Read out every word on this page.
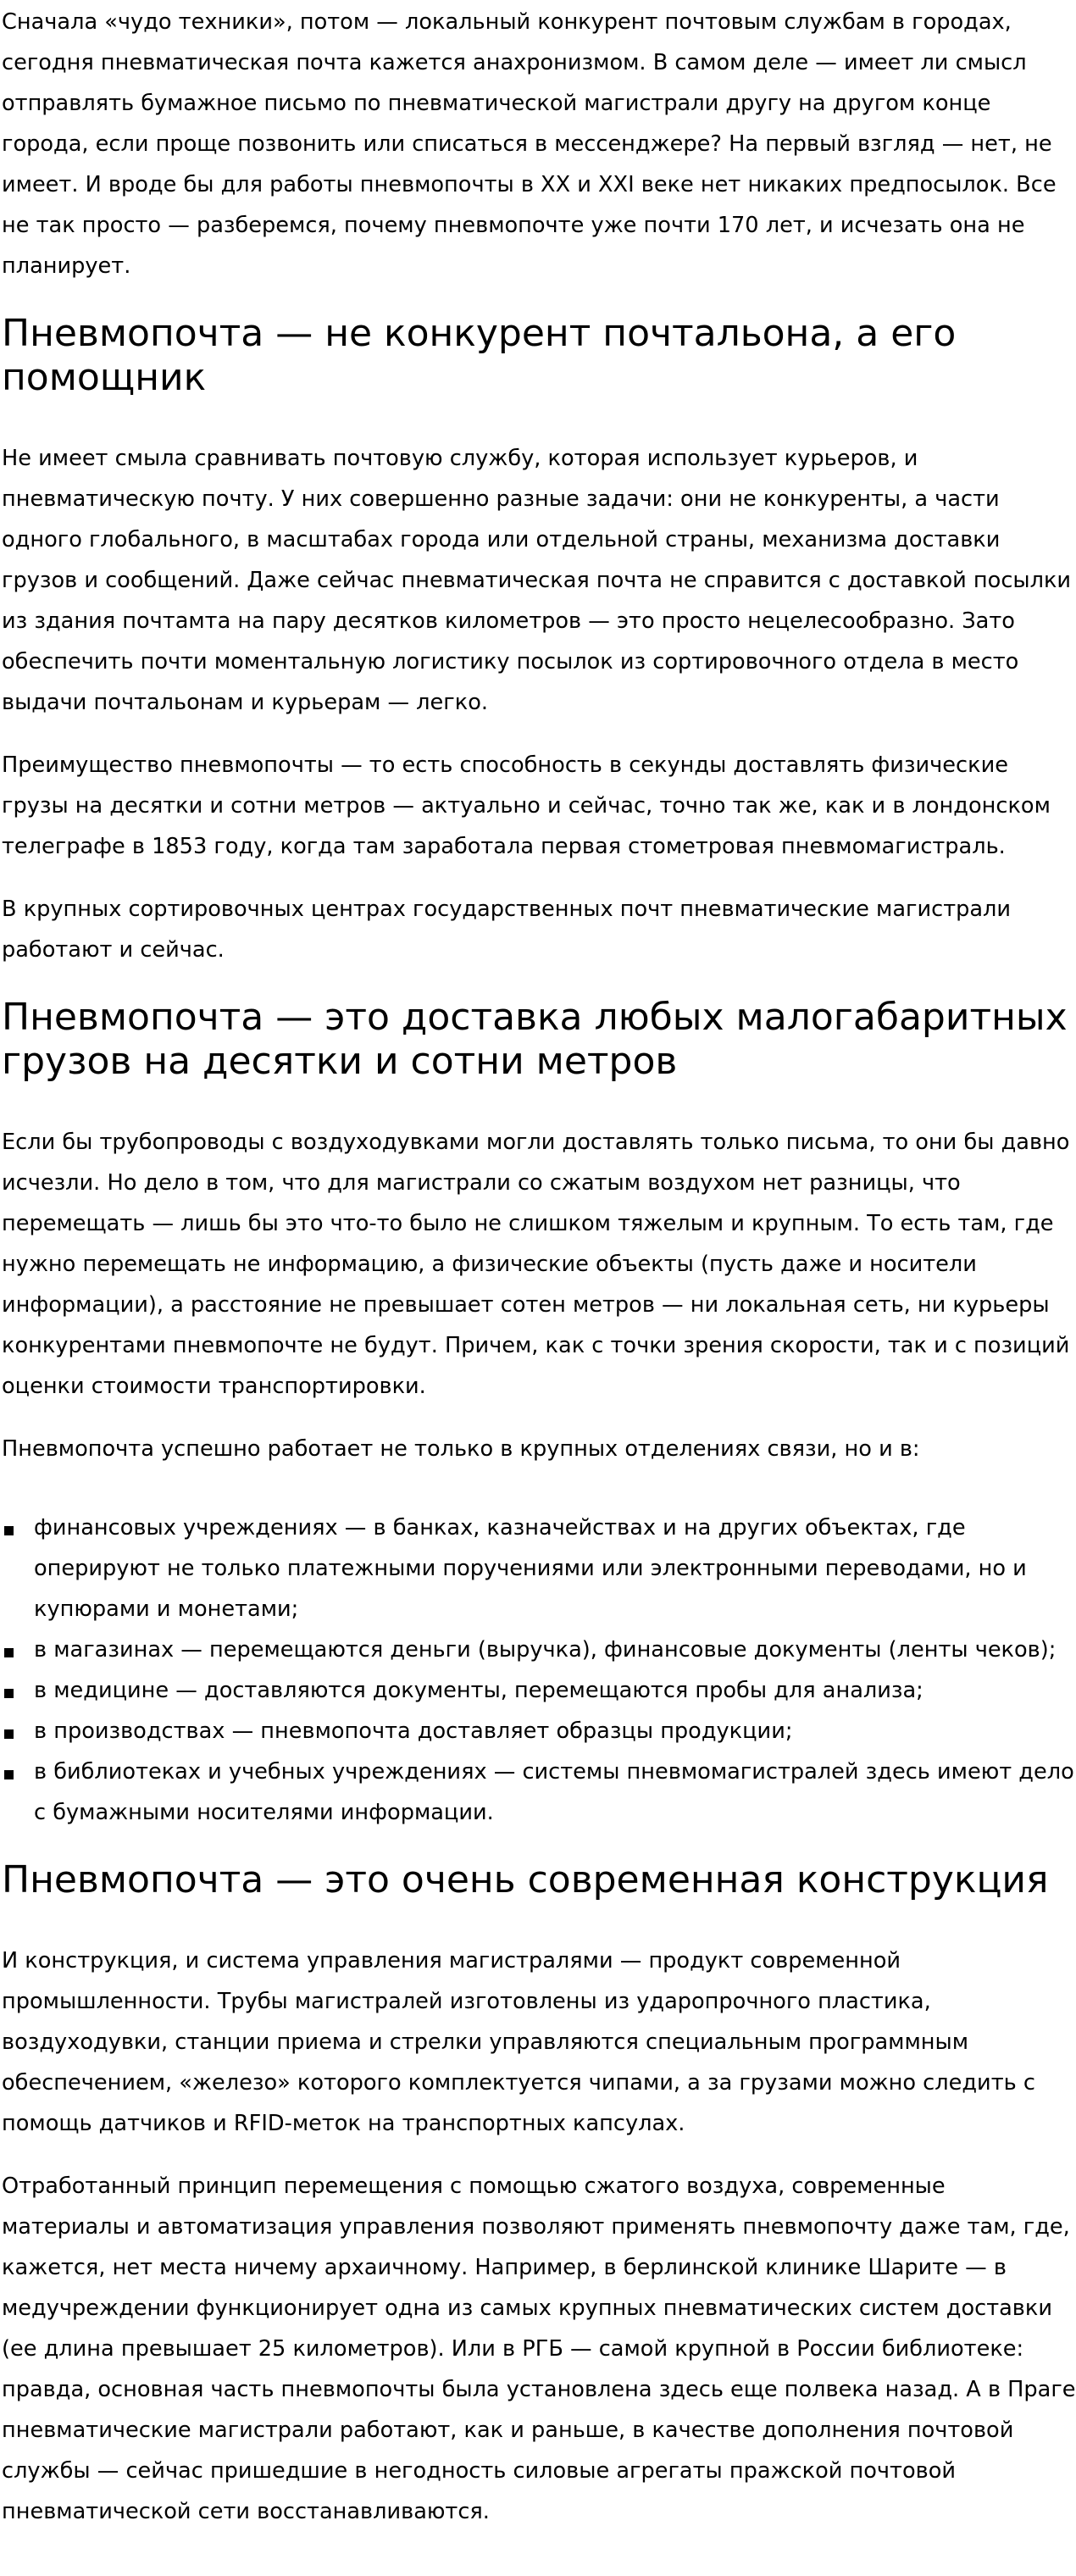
Сначала «чудо техники», потом — локальный конкурент почтовым службам в городах, сегодня пневматическая почта кажется анахронизмом. В самом деле — имеет ли смысл отправлять бумажное письмо по пневматической магистрали другу на другом конце города, если проще позвонить или списаться в мессенджере? На первый взгляд — нет, не имеет. И вроде бы для работы пневмопочты в XX и XXI веке нет никаких предпосылок. Все не так просто — разберемся, почему пневмопочте уже почти 170 лет, и исчезать она не планирует.

Пневмопочта — не конкурент почтальона, а его помощник

Не имеет смыла сравнивать почтовую службу, которая использует курьеров, и пневматическую почту. У них совершенно разные задачи: они не конкуренты, а части одного глобального, в масштабах города или отдельной страны, механизма доставки грузов и сообщений. Даже сейчас пневматическая почта не справится с доставкой посылки из здания почтамта на пару десятков километров — это просто нецелесообразно. Зато обеспечить почти моментальную логистику посылок из сортировочного отдела в место выдачи почтальонам и курьерам — легко.

Преимущество пневмопочты — то есть способность в секунды доставлять физические грузы на десятки и сотни метров — актуально и сейчас, точно так же, как и в лондонском телеграфе в 1853 году, когда там заработала первая стометровая пневмомагистраль.

В крупных сортировочных центрах государственных почт пневматические магистрали работают и сейчас.

Пневмопочта — это доставка любых малогабаритных грузов на десятки и сотни метров

Если бы трубопроводы с воздуходувками могли доставлять только письма, то они бы давно исчезли. Но дело в том, что для магистрали со сжатым воздухом нет разницы, что перемещать — лишь бы это что-то было не слишком тяжелым и крупным. То есть там, где нужно перемещать не информацию, а физические объекты (пусть даже и носители информации), а расстояние не превышает сотен метров — ни локальная сеть, ни курьеры конкурентами пневмопочте не будут. Причем, как с точки зрения скорости, так и с позиций оценки стоимости транспортировки.

Пневмопочта успешно работает не только в крупных отделениях связи, но и в:

финансовых учреждениях — в банках, казначействах и на других объектах, где оперируют не только платежными поручениями или электронными переводами, но и купюрами и монетами;
в магазинах — перемещаются деньги (выручка), финансовые документы (ленты чеков);
в медицине — доставляются документы, перемещаются пробы для анализа;
в производствах — пневмопочта доставляет образцы продукции;
в библиотеках и учебных учреждениях — системы пневмомагистралей здесь имеют дело с бумажными носителями информации.
Пневмопочта — это очень современная конструкция

И конструкция, и система управления магистралями — продукт современной промышленности. Трубы магистралей изготовлены из ударопрочного пластика, воздуходувки, станции приема и стрелки управляются специальным программным обеспечением, «железо» которого комплектуется чипами, а за грузами можно следить с помощь датчиков и RFID-меток на транспортных капсулах.

Отработанный принцип перемещения с помощью сжатого воздуха, современные материалы и автоматизация управления позволяют применять пневмопочту даже там, где, кажется, нет места ничему архаичному. Например, в берлинской клинике Шарите — в медучреждении функционирует одна из самых крупных пневматических систем доставки (ее длина превышает 25 километров). Или в РГБ — самой крупной в России библиотеке: правда, основная часть пневмопочты была установлена здесь еще полвека назад. А в Праге пневматические магистрали работают, как и раньше, в качестве дополнения почтовой службы — сейчас пришедшие в негодность силовые агрегаты пражской почтовой пневматической сети восстанавливаются.
